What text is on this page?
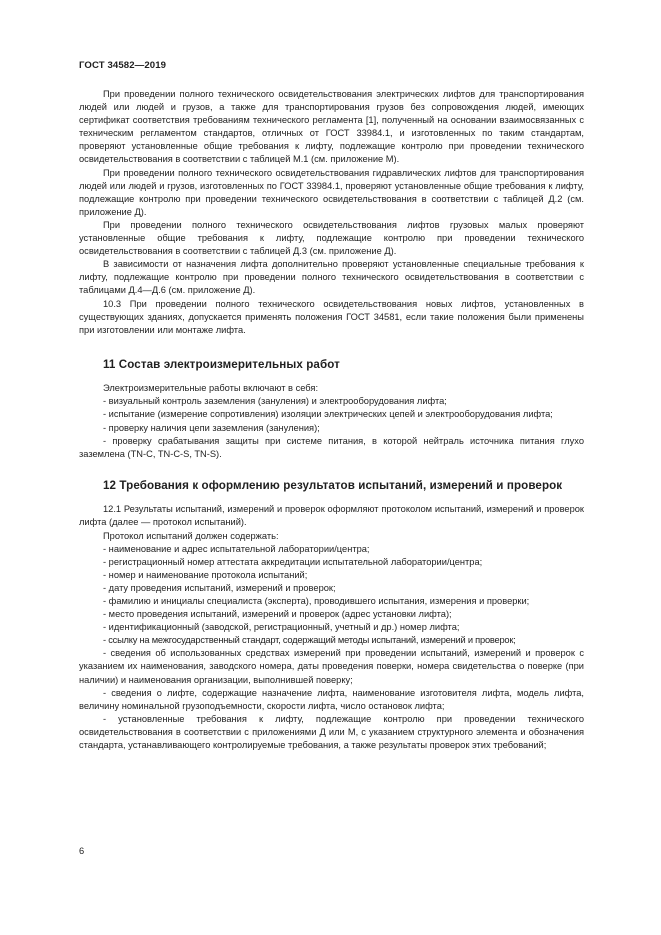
ГОСТ 34582—2019

При проведении полного технического освидетельствования электрических лифтов для транспортирования людей или людей и грузов, а также для транспортирования грузов без сопровождения людей, имеющих сертификат соответствия требованиям технического регламента [1], полученный на основании взаимосвязанных с техническим регламентом стандартов, отличных от ГОСТ 33984.1, и изготовленных по таким стандартам, проверяют установленные общие требования к лифту, подлежащие контролю при проведении технического освидетельствования в соответствии с таблицей М.1 (см. приложение М).

При проведении полного технического освидетельствования гидравлических лифтов для транспортирования людей или людей и грузов, изготовленных по ГОСТ 33984.1, проверяют установленные общие требования к лифту, подлежащие контролю при проведении технического освидетельствования в соответствии с таблицей Д.2 (см. приложение Д).

При проведении полного технического освидетельствования лифтов грузовых малых проверяют установленные общие требования к лифту, подлежащие контролю при проведении технического освидетельствования в соответствии с таблицей Д.3 (см. приложение Д).

В зависимости от назначения лифта дополнительно проверяют установленные специальные требования к лифту, подлежащие контролю при проведении полного технического освидетельствования в соответствии с таблицами Д.4—Д.6 (см. приложение Д).

10.3 При проведении полного технического освидетельствования новых лифтов, установленных в существующих зданиях, допускается применять положения ГОСТ 34581, если такие положения были применены при изготовлении или монтаже лифта.

11 Состав электроизмерительных работ

Электроизмерительные работы включают в себя:

- визуальный контроль заземления (зануления) и электрооборудования лифта;

- испытание (измерение сопротивления) изоляции электрических цепей и электрооборудования лифта;

- проверку наличия цепи заземления (зануления);

- проверку срабатывания защиты при системе питания, в которой нейтраль источника питания глухо заземлена (TN-C, TN-C-S, TN-S).

12 Требования к оформлению результатов испытаний, измерений и проверок

12.1 Результаты испытаний, измерений и проверок оформляют протоколом испытаний, измерений и проверок лифта (далее — протокол испытаний).

Протокол испытаний должен содержать:

- наименование и адрес испытательной лаборатории/центра;

- регистрационный номер аттестата аккредитации испытательной лаборатории/центра;

- номер и наименование протокола испытаний;

- дату проведения испытаний, измерений и проверок;

- фамилию и инициалы специалиста (эксперта), проводившего испытания, измерения и проверки;

- место проведения испытаний, измерений и проверок (адрес установки лифта);

- идентификационный (заводской, регистрационный, учетный и др.) номер лифта;

- ссылку на межгосударственный стандарт, содержащий методы испытаний, измерений и проверок;

- сведения об использованных средствах измерений при проведении испытаний, измерений и проверок с указанием их наименования, заводского номера, даты проведения поверки, номера свидетельства о поверке (при наличии) и наименования организации, выполнившей поверку;

- сведения о лифте, содержащие назначение лифта, наименование изготовителя лифта, модель лифта, величину номинальной грузоподъемности, скорости лифта, число остановок лифта;

- установленные требования к лифту, подлежащие контролю при проведении технического освидетельствования в соответствии с приложениями Д или М, с указанием структурного элемента и обозначения стандарта, устанавливающего контролируемые требования, а также результаты проверок этих требований;

6
